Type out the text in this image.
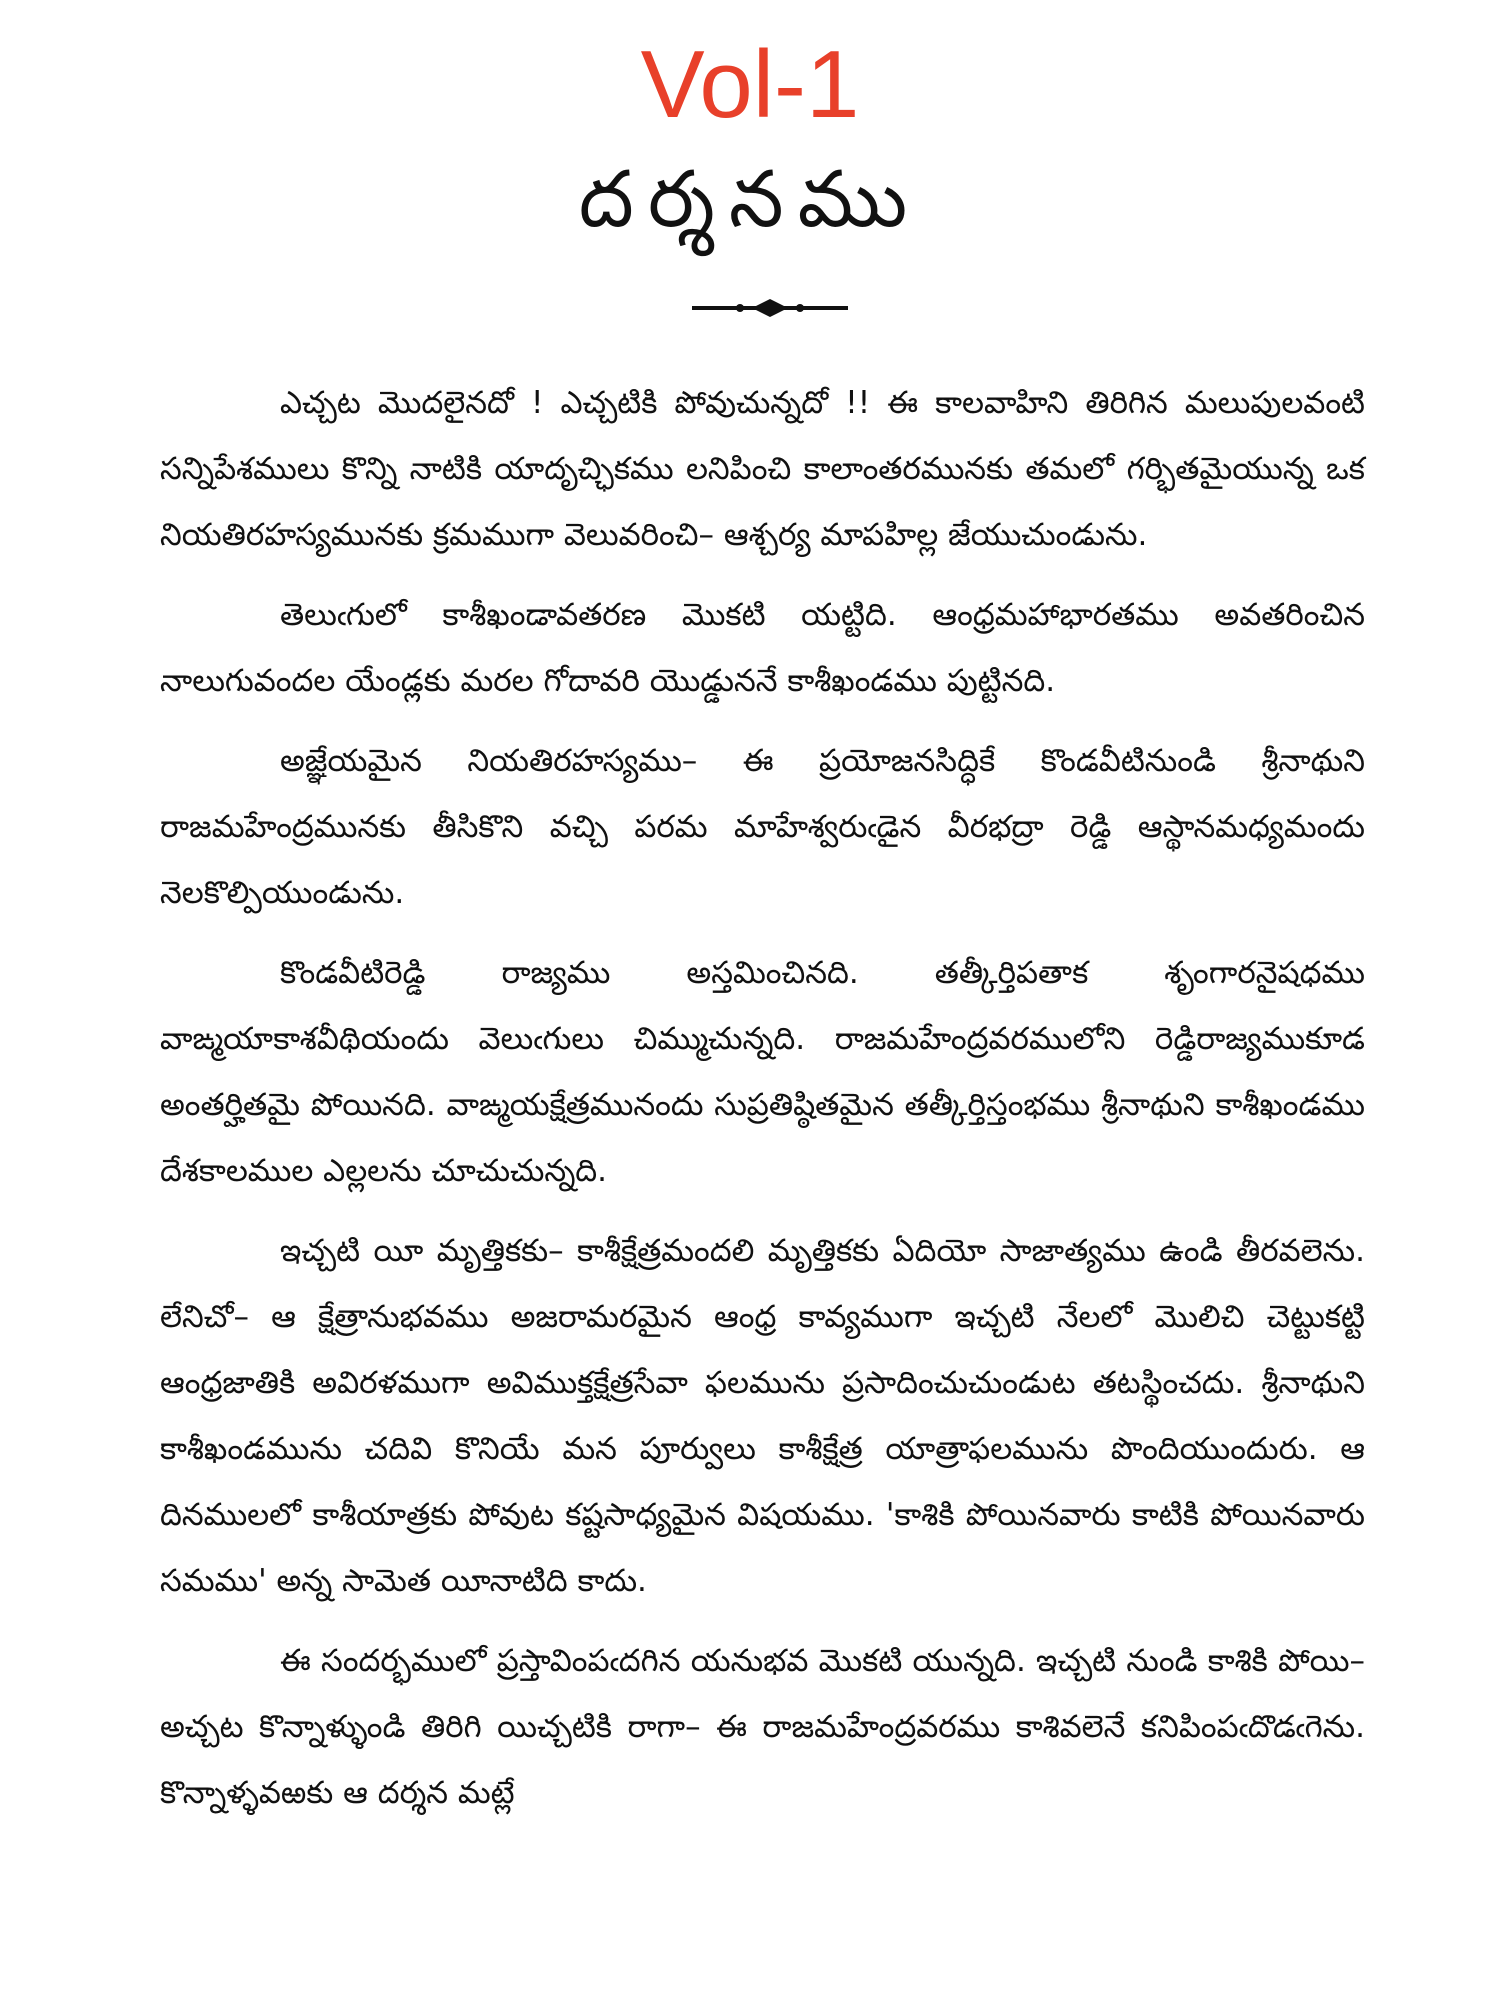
Vol-1
దర్శనము

ఎచ్చట మొదలైనదో ! ఎచ్చటికి పోవుచున్నదో !! ఈ కాలవాహిని తిరిగిన మలుపులవంటి సన్నిపేశములు కొన్ని నాటికి యాదృచ్ఛికము లనిపించి కాలాంతరమునకు తమలో గర్భితమైయున్న ఒక నియతిరహస్యమునకు క్రమముగా వెలువరించి– ఆశ్చర్య మాపహిల్ల జేయుచుండును.

తెలుఁగులో కాశీఖండావతరణ మొకటి యట్టిది. ఆంధ్రమహాభారతము అవతరించిన నాలుగువందల యేండ్లకు మరల గోదావరి యొడ్డుననే కాశీఖండము పుట్టినది.

అజ్ఞేయమైన నియతిరహస్యము– ఈ ప్రయోజనసిద్ధికే కొండవీటినుండి శ్రీనాథుని రాజమహేంద్రమునకు తీసికొని వచ్చి పరమ మాహేశ్వరుఁడైన వీరభద్రా రెడ్డి ఆస్థానమధ్యమందు నెలకొల్పియుండును.

కొండవీటిరెడ్డి రాజ్యము అస్తమించినది. తత్కీర్తిపతాక శృంగారనైషధము వాఙ్మయాకాశవీథియందు వెలుఁగులు చిమ్ముచున్నది. రాజమహేంద్రవరములోని రెడ్డిరాజ్యముకూడ అంతర్హితమై పోయినది. వాఙ్మయక్షేత్రమునందు సుప్రతిష్ఠితమైన తత్కీర్తిస్తంభము శ్రీనాథుని కాశీఖండము దేశకాలముల ఎల్లలను చూచుచున్నది.

ఇచ్చటి యీ మృత్తికకు– కాశీక్షేత్రమందలి మృత్తికకు ఏదియో సాజాత్యము ఉండి తీరవలెను. లేనిచో– ఆ క్షేత్రానుభవము అజరామరమైన ఆంధ్ర కావ్యముగా ఇచ్చటి నేలలో మొలిచి చెట్టుకట్టి ఆంధ్రజాతికి అవిరళముగా అవిముక్తక్షేత్రసేవా ఫలమును ప్రసాదించుచుండుట తటస్థించదు. శ్రీనాథుని కాశీఖండమును చదివి కొనియే మన పూర్వులు కాశీక్షేత్ర యాత్రాఫలమును పొందియుందురు. ఆ దినములలో కాశీయాత్రకు పోవుట కష్టసాధ్యమైన విషయము. 'కాశికి పోయినవారు కాటికి పోయినవారు సమము' అన్న సామెత యీనాటిది కాదు.

ఈ సందర్భములో ప్రస్తావింపఁదగిన యనుభవ మొకటి యున్నది. ఇచ్చటి నుండి కాశికి పోయి– అచ్చట కొన్నాళ్ళుండి తిరిగి యిచ్చటికి రాగా– ఈ రాజమహేంద్రవరము కాశివలెనే కనిపింపఁదొడఁగెను. కొన్నాళ్ళవఱకు ఆ దర్శన మట్లే
